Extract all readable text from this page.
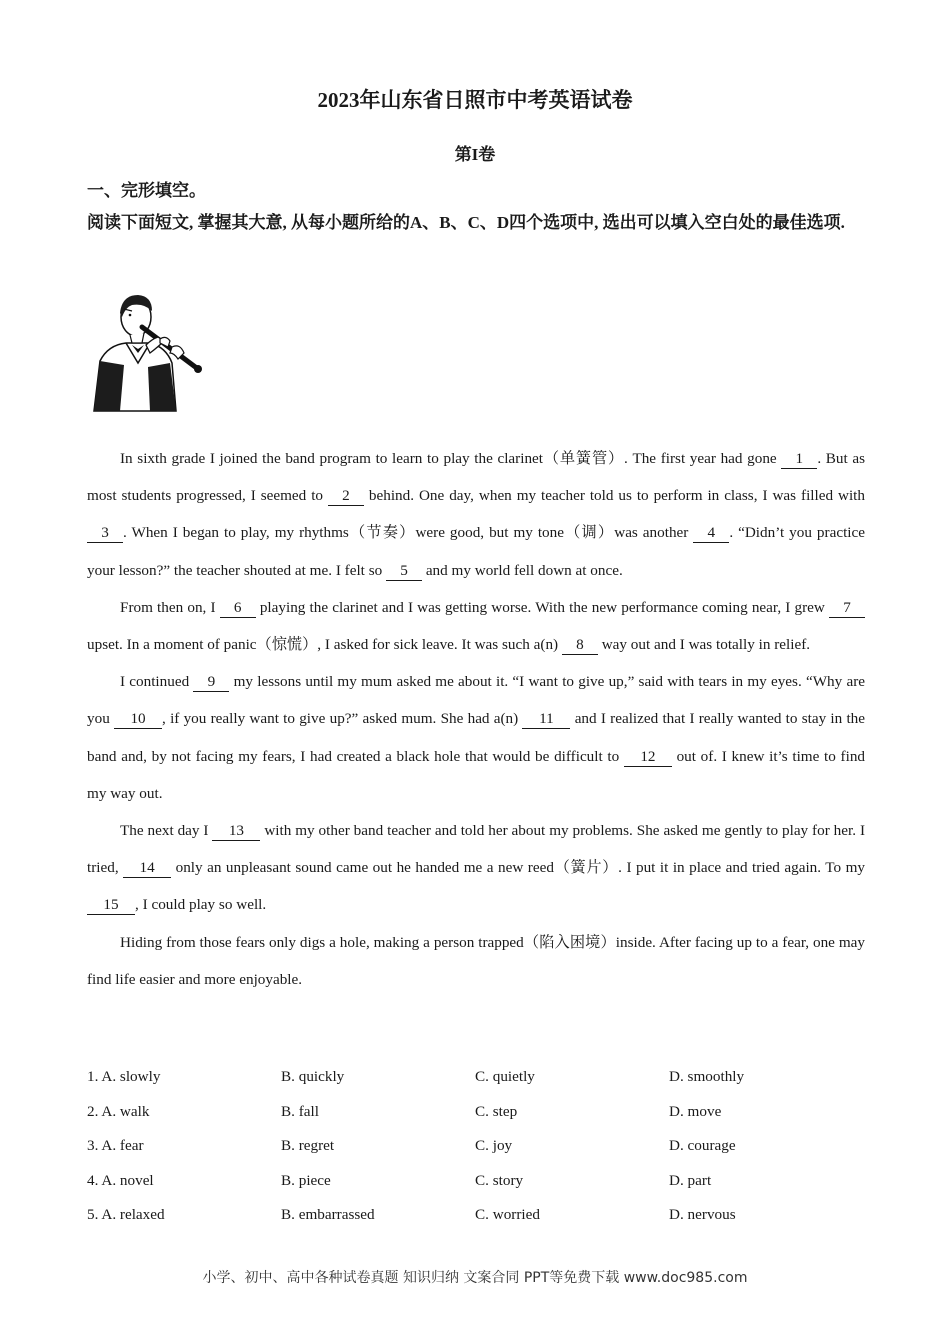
2023年山东省日照市中考英语试卷
第I卷
一、完形填空。
阅读下面短文, 掌握其大意, 从每小题所给的A、B、C、D四个选项中, 选出可以填入空白处的最佳选项.

In sixth grade I joined the band program to learn to play the clarinet（单簧管）. The first year had gone 1 . But as most students progressed, I seemed to 2 behind. One day, when my teacher told us to perform in class, I was filled with 3 . When I began to play, my rhythms（节奏）were good, but my tone（调）was another 4 . “Didn’t you practice your lesson?” the teacher shouted at me. I felt so 5 and my world fell down at once.

From then on, I 6 playing the clarinet and I was getting worse. With the new performance coming near, I grew 7 upset. In a moment of panic（惊慌）, I asked for sick leave. It was such a(n) 8 way out and I was totally in relief.

I continued 9 my lessons until my mum asked me about it. “I want to give up,” said with tears in my eyes. “Why are you 10 , if you really want to give up?” asked mum. She had a(n) 11 and I realized that I really wanted to stay in the band and, by not facing my fears, I had created a black hole that would be difficult to 12 out of. I knew it’s time to find my way out.

The next day I 13 with my other band teacher and told her about my problems. She asked me gently to play for her. I tried, 14 only an unpleasant sound came out he handed me a new reed（簧片）. I put it in place and tried again. To my 15 , I could play so well.

Hiding from those fears only digs a hole, making a person trapped（陷入困境）inside. After facing up to a fear, one may find life easier and more enjoyable.

1. A. slowly	B. quickly	C. quietly	D. smoothly
2. A. walk	B. fall	C. step	D. move
3. A. fear	B. regret	C. joy	D. courage
4. A. novel	B. piece	C. story	D. part
5. A. relaxed	B. embarrassed	C. worried	D. nervous
小学、初中、高中各种试卷真题 知识归纳 文案合同 PPT等免费下载 www.doc985.com
